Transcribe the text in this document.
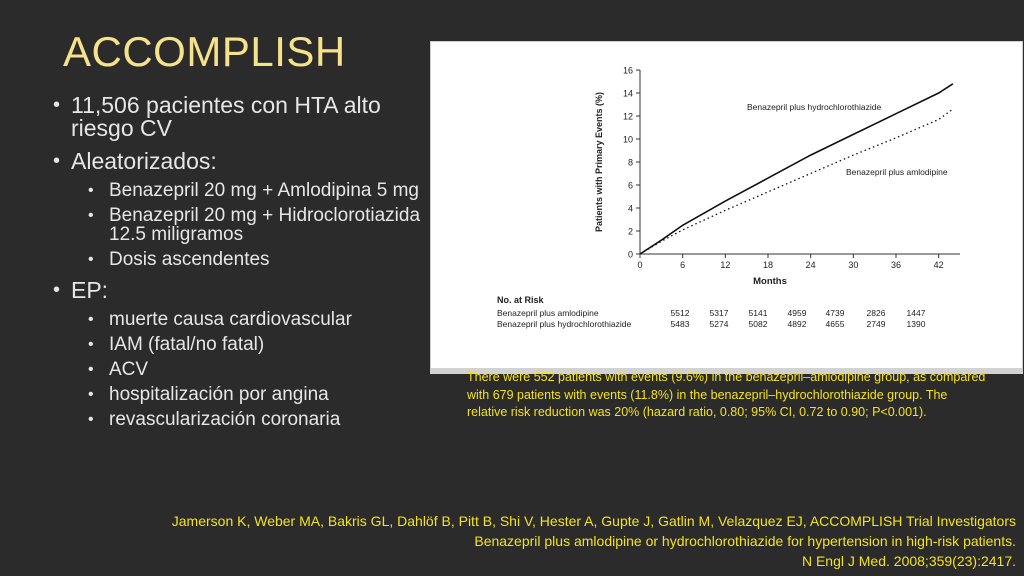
ACCOMPLISH
• 11,506 pacientes con HTA alto riesgo CV
• Aleatorizados:
• Benazepril 20 mg + Amlodipina 5 mg
• Benazepril 20 mg + Hidroclorotiazida 12.5 miligramos
• Dosis ascendentes
• EP:
• muerte causa cardiovascular
• IAM (fatal/no fatal)
• ACV
• hospitalización por angina
• revascularización coronaria
0
2
4
6
8
10
12
14
16
0	6	12	18	24	30	36	42
Months
Patients with Primary Events (%)	Benazepril plus hydrochlorothiazide
Benazepril plus amlodipine
No. at Risk
Benazepril plus amlodipine	5512 5317 5141 4959 4739	2826 1447
Benazepril plus hydrochlorothiazide	5483 5274 5082 4892 4655	2749 1390
There were 552 patients with events (9.6%) in the benazepril–amlodipine group, as compared with 679 patients with events (11.8%) in the benazepril–hydrochlorothiazide group. The relative risk reduction was 20% (hazard ratio, 0.80; 95% CI, 0.72 to 0.90; P<0.001).
Jamerson K, Weber MA, Bakris GL, Dahlöf B, Pitt B, Shi V, Hester A, Gupte J, Gatlin M, Velazquez EJ, ACCOMPLISH Trial Investigators
Benazepril plus amlodipine or hydrochlorothiazide for hypertension in high-risk patients.
N Engl J Med. 2008;359(23):2417.
